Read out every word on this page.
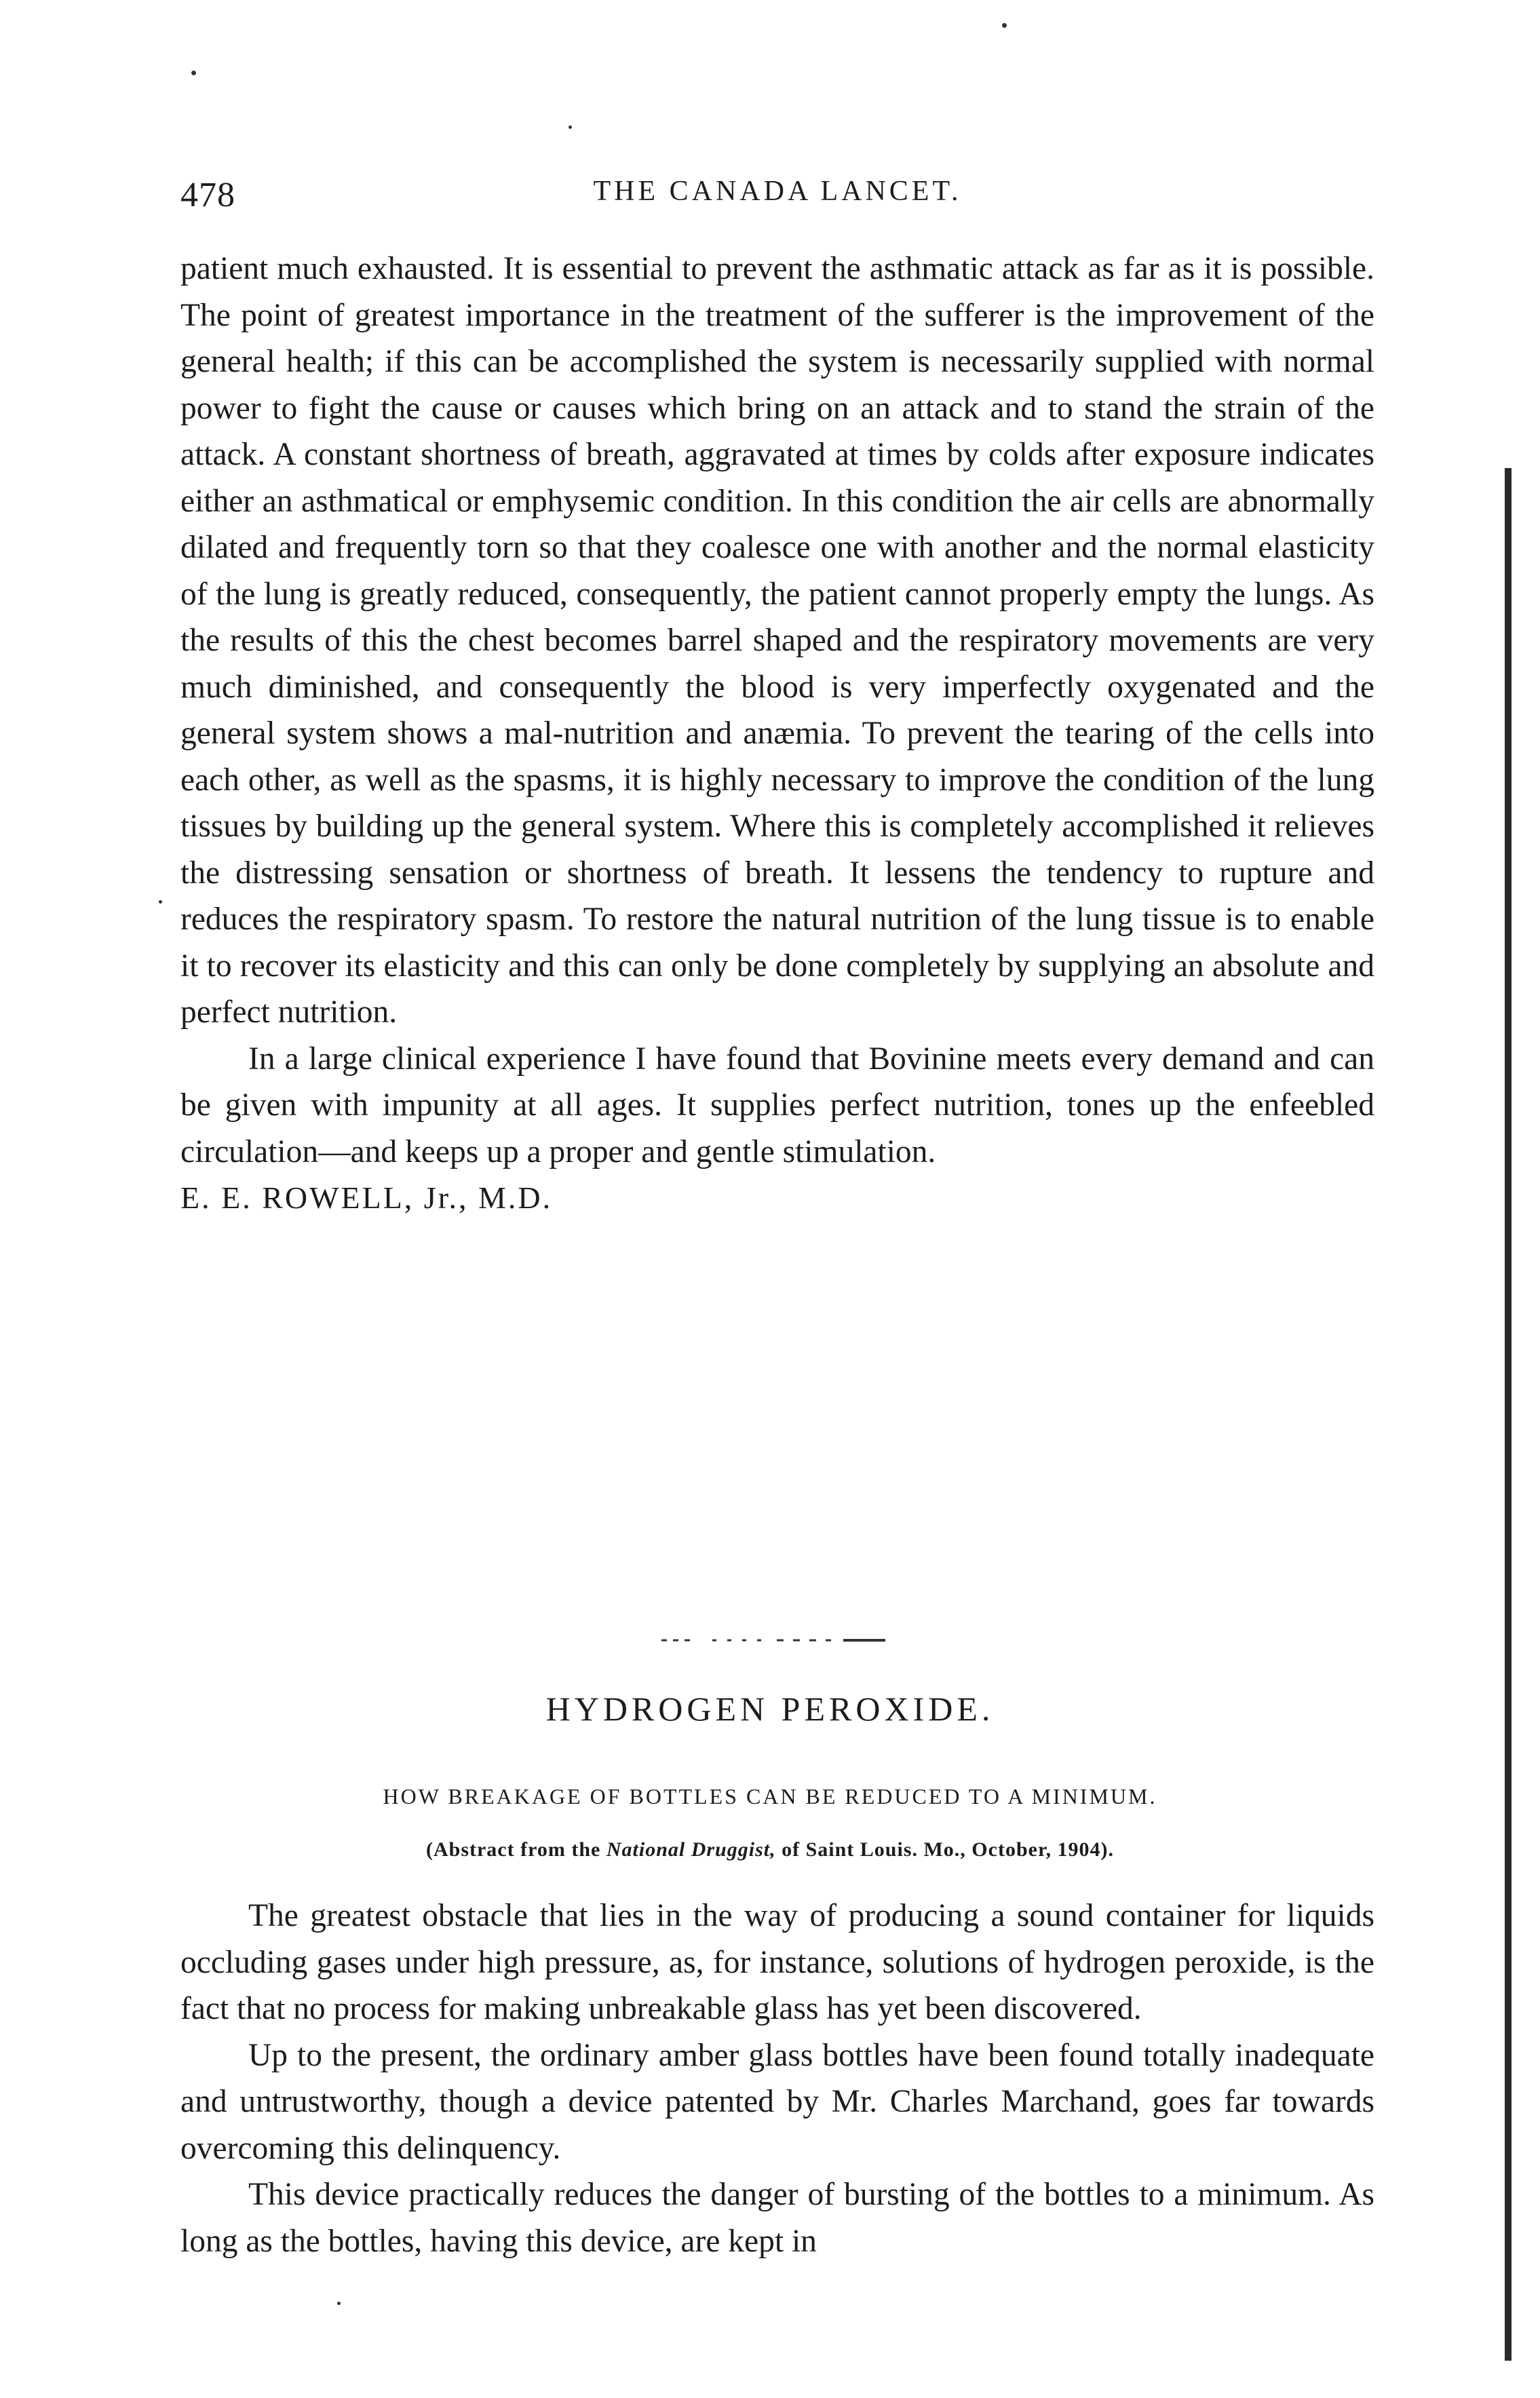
478	THE CANADA LANCET.

patient much exhausted. It is essential to prevent the asthmatic attack as far as it is possible. The point of greatest importance in the treatment of the sufferer is the improvement of the general health; if this can be accomplished the system is necessarily supplied with normal power to fight the cause or causes which bring on an attack and to stand the strain of the attack. A constant shortness of breath, aggravated at times by colds after exposure indicates either an asthmatical or emphysemic condition. In this condition the air cells are abnormally dilated and frequently torn so that they coalesce one with another and the normal elasticity of the lung is greatly reduced, consequently, the patient cannot properly empty the lungs. As the results of this the chest becomes barrel shaped and the respiratory movements are very much diminished, and consequently the blood is very imperfectly oxygenated and the general system shows a mal-nutrition and anæmia. To prevent the tearing of the cells into each other, as well as the spasms, it is highly necessary to improve the condition of the lung tissues by building up the general system. Where this is completely accomplished it relieves the distressing sensation or shortness of breath. It lessens the tendency to rupture and reduces the respiratory spasm. To restore the natural nutrition of the lung tissue is to enable it to recover its elasticity and this can only be done completely by supplying an absolute and perfect nutrition.

In a large clinical experience I have found that Bovinine meets every demand and can be given with impunity at all ages. It supplies perfect nutrition, tones up the enfeebled circulation—and keeps up a proper and gentle stimulation.

E. E. ROWELL, Jr., M.D.

HYDROGEN PEROXIDE.
HOW BREAKAGE OF BOTTLES CAN BE REDUCED TO A MINIMUM.
(Abstract from the National Druggist, of Saint Louis. Mo., October, 1904).

The greatest obstacle that lies in the way of producing a sound container for liquids occluding gases under high pressure, as, for instance, solutions of hydrogen peroxide, is the fact that no process for making unbreakable glass has yet been discovered.

Up to the present, the ordinary amber glass bottles have been found totally inadequate and untrustworthy, though a device patented by Mr. Charles Marchand, goes far towards overcoming this delinquency.

This device practically reduces the danger of bursting of the bottles to a minimum. As long as the bottles, having this device, are kept in
